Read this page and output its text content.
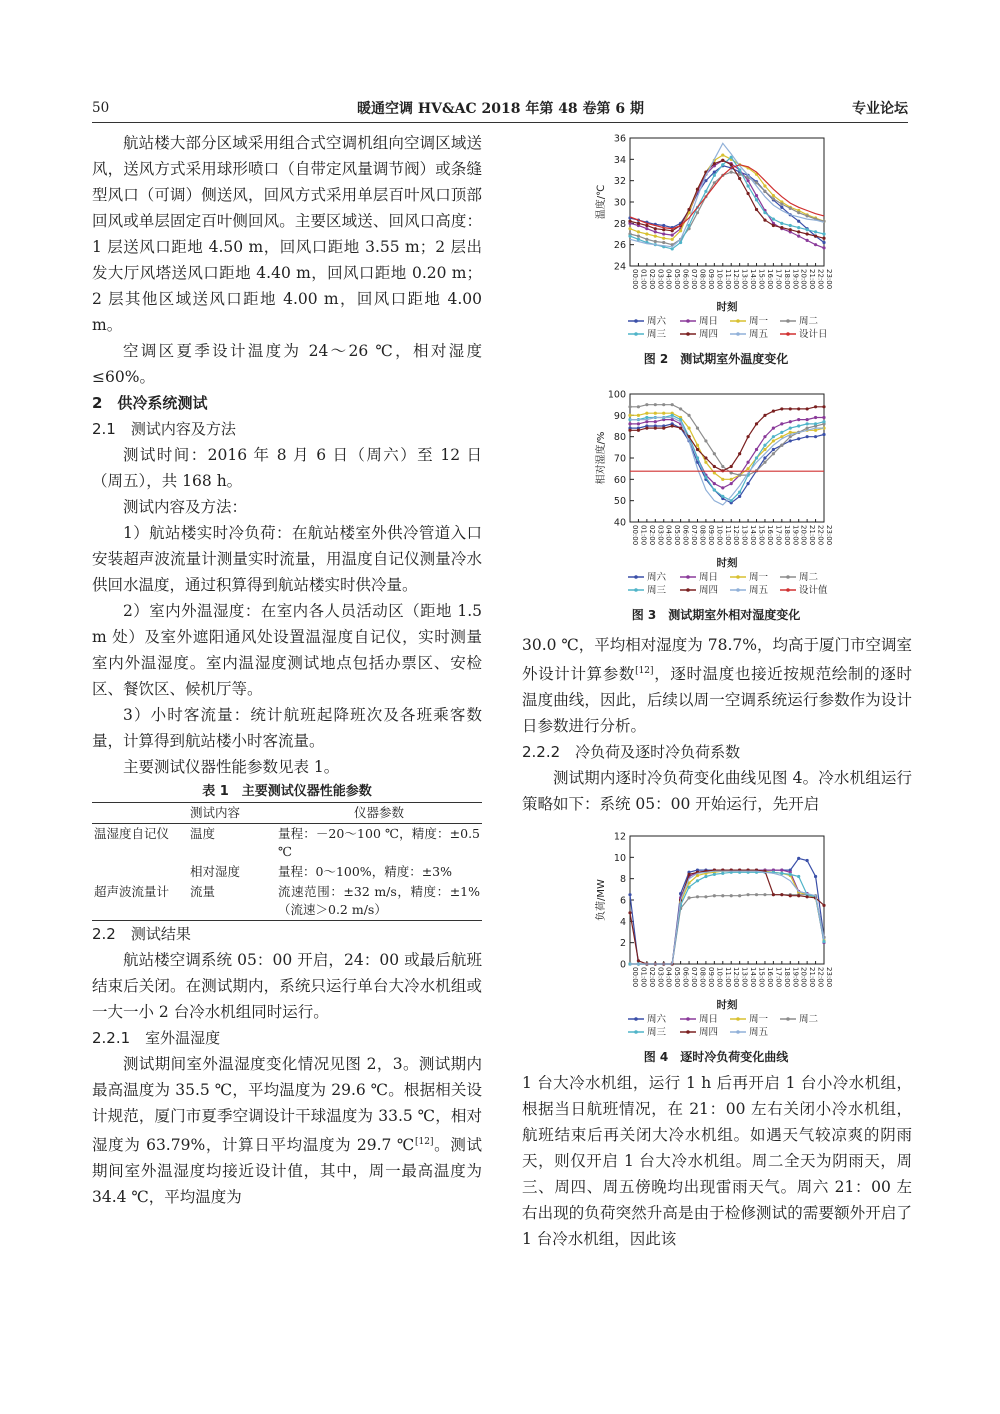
50	暖通空调 HV&AC 2018 年第 48 卷第 6 期	专业论坛

航站楼大部分区域采用组合式空调机组向空调区域送风，送风方式采用球形喷口（自带定风量调节阀）或条缝型风口（可调）侧送风，回风方式采用单层百叶风口顶部回风或单层固定百叶侧回风。主要区域送、回风口高度：1 层送风口距地 4.50 m，回风口距地 3.55 m；2 层出发大厅风塔送风口距地 4.40 m，回风口距地 0.20 m；2 层其他区域送风口距地 4.00 m，回风口距地 4.00 m。

空调区夏季设计温度为 24～26 ℃，相对湿度≤60%。

2　供冷系统测试

2.1　测试内容及方法

测试时间：2016 年 8 月 6 日（周六）至 12 日（周五），共 168 h。

测试内容及方法：

1）航站楼实时冷负荷：在航站楼室外供冷管道入口安装超声波流量计测量实时流量，用温度自记仪测量冷水供回水温度，通过积算得到航站楼实时供冷量。

2）室内外温湿度：在室内各人员活动区（距地 1.5 m 处）及室外遮阳通风处设置温湿度自记仪，实时测量室内外温湿度。室内温湿度测试地点包括办票区、安检区、餐饮区、候机厅等。

3）小时客流量：统计航班起降班次及各班乘客数量，计算得到航站楼小时客流量。

主要测试仪器性能参数见表 1。

表 1　主要测试仪器性能参数
	测试内容	仪器参数
温湿度自记仪	温度	量程：－20～100 ℃，精度：±0.5 ℃
	相对湿度	量程：0～100%，精度：±3%
超声波流量计	流量	流速范围：±32 m/s，精度：±1%（流速＞0.2 m/s）

2.2　测试结果

航站楼空调系统 05：00 开启，24：00 或最后航班结束后关闭。在测试期内，系统只运行单台大冷水机组或一大一小 2 台冷水机组同时运行。

2.2.1　室外温湿度

测试期间室外温湿度变化情况见图 2，3。测试期内最高温度为 35.5 ℃，平均温度为 29.6 ℃。根据相关设计规范，厦门市夏季空调设计干球温度为 33.5 ℃，相对湿度为 63.79%，计算日平均温度为 29.7 ℃[12]。测试期间室外温湿度均接近设计值，其中，周一最高温度为 34.4 ℃，平均温度为

24
26
28
30
32
34
36
00:00 01:00 02:00 03:00 04:00 05:00 06:00 07:00 08:00 09:00 10:00 11:00 12:00 13:00 14:00 15:00 16:00 17:00 18:00 19:00 20:00 21:00 22:00 23:00
温度/℃
时刻
周六	周日	周一	周二
周三	周四	周五	设计日
图 2　测试期室外温度变化
40
50
60
70
80
90
100
00:00 01:00 02:00 03:00 04:00 05:00 06:00 07:00 08:00 09:00 10:00 11:00 12:00 13:00 14:00 15:00 16:00 17:00 18:00 19:00 20:00 21:00 22:00 23:00
相对湿度/%
时刻
周六	周日	周一	周二
周三	周四	周五	设计值
图 3　测试期室外相对湿度变化

30.0 ℃，平均相对湿度为 78.7%，均高于厦门市空调室外设计计算参数[12]，逐时温度也接近按规范绘制的逐时温度曲线，因此，后续以周一空调系统运行参数作为设计日参数进行分析。

2.2.2　冷负荷及逐时冷负荷系数

测试期内逐时冷负荷变化曲线见图 4。冷水机组运行策略如下：系统 05：00 开始运行，先开启

0
2
4
6
8
10
12
00:00 01:00 02:00 03:00 04:00 05:00 06:00 07:00 08:00 09:00 10:00 11:00 12:00 13:00 14:00 15:00 16:00 17:00 18:00 19:00 20:00 21:00 22:00 23:00
负荷/MW
时刻
周六	周日	周一	周二
周三	周四	周五
图 4　逐时冷负荷变化曲线

1 台大冷水机组，运行 1 h 后再开启 1 台小冷水机组，根据当日航班情况，在 21：00 左右关闭小冷水机组，航班结束后再关闭大冷水机组。如遇天气较凉爽的阴雨天，则仅开启 1 台大冷水机组。周二全天为阴雨天，周三、周四、周五傍晚均出现雷雨天气。周六 21：00 左右出现的负荷突然升高是由于检修测试的需要额外开启了 1 台冷水机组，因此该
